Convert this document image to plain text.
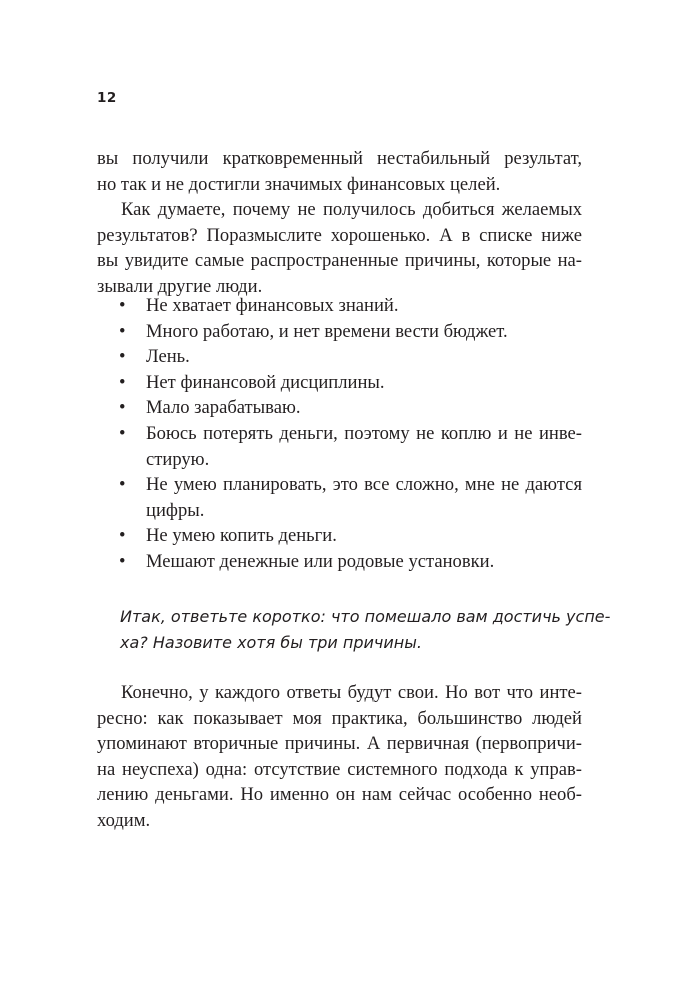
12
вы получили кратковременный нестабильный результат,
но так и не достигли значимых финансовых целей.
Как думаете, почему не получилось добиться желаемых
результатов? Поразмыслите хорошенько. А в списке ниже
вы увидите самые распространенные причины, которые на-
зывали другие люди.
• Не хватает финансовых знаний.
• Много работаю, и нет времени вести бюджет.
• Лень.
• Нет финансовой дисциплины.
• Мало зарабатываю.
• Боюсь потерять деньги, поэтому не коплю и не инве-
стирую.
• Не умею планировать, это все сложно, мне не даются
цифры.
• Не умею копить деньги.
• Мешают денежные или родовые установки.
Итак, ответьте коротко: что помешало вам достичь успе-
ха? Назовите хотя бы три причины.
Конечно, у каждого ответы будут свои. Но вот что инте-
ресно: как показывает моя практика, большинство людей
упоминают вторичные причины. А первичная (первопричи-
на неуспеха) одна: отсутствие системного подхода к управ-
лению деньгами. Но именно он нам сейчас особенно необ-
ходим.
